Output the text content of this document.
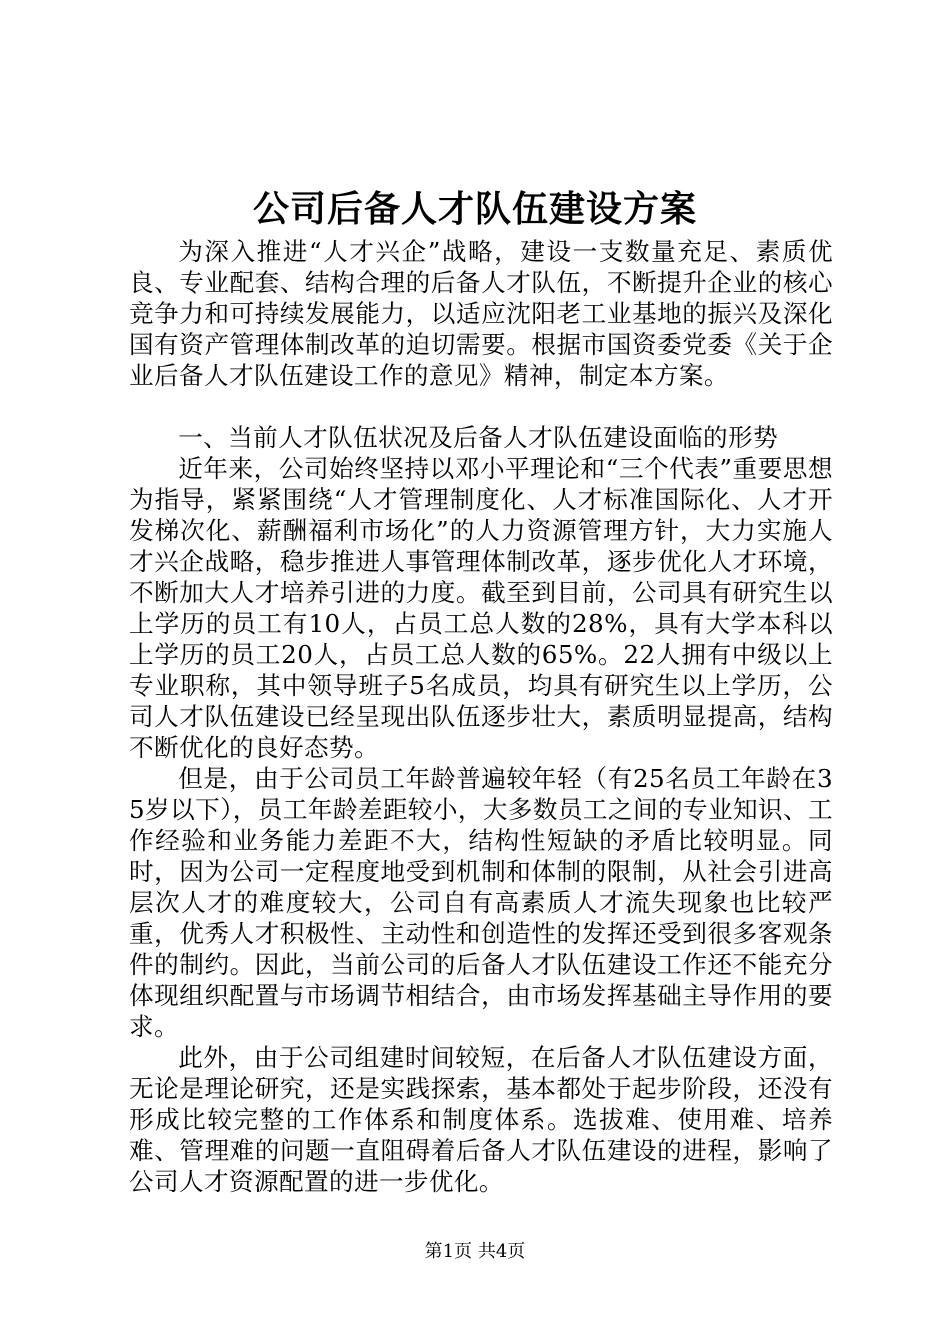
公司后备人才队伍建设方案

为深入推进“人才兴企”战略，建设一支数量充足、素质优良、专业配套、结构合理的后备人才队伍，不断提升企业的核心竞争力和可持续发展能力，以适应沈阳老工业基地的振兴及深化国有资产管理体制改革的迫切需要。根据市国资委党委《关于企业后备人才队伍建设工作的意见》精神，制定本方案。

一、当前人才队伍状况及后备人才队伍建设面临的形势

近年来，公司始终坚持以邓小平理论和“三个代表”重要思想为指导，紧紧围绕“人才管理制度化、人才标准国际化、人才开发梯次化、薪酬福利市场化”的人力资源管理方针，大力实施人才兴企战略，稳步推进人事管理体制改革，逐步优化人才环境，不断加大人才培养引进的力度。截至到目前，公司具有研究生以上学历的员工有10人，占员工总人数的28%，具有大学本科以上学历的员工20人，占员工总人数的65%。22人拥有中级以上专业职称，其中领导班子5名成员，均具有研究生以上学历，公司人才队伍建设已经呈现出队伍逐步壮大，素质明显提高，结构不断优化的良好态势。

但是，由于公司员工年龄普遍较年轻（有25名员工年龄在35岁以下），员工年龄差距较小，大多数员工之间的专业知识、工作经验和业务能力差距不大，结构性短缺的矛盾比较明显。同时，因为公司一定程度地受到机制和体制的限制，从社会引进高层次人才的难度较大，公司自有高素质人才流失现象也比较严重，优秀人才积极性、主动性和创造性的发挥还受到很多客观条件的制约。因此，当前公司的后备人才队伍建设工作还不能充分体现组织配置与市场调节相结合，由市场发挥基础主导作用的要求。

此外，由于公司组建时间较短，在后备人才队伍建设方面，无论是理论研究，还是实践探索，基本都处于起步阶段，还没有形成比较完整的工作体系和制度体系。选拔难、使用难、培养难、管理难的问题一直阻碍着后备人才队伍建设的进程，影响了公司人才资源配置的进一步优化。

第1页 共4页
